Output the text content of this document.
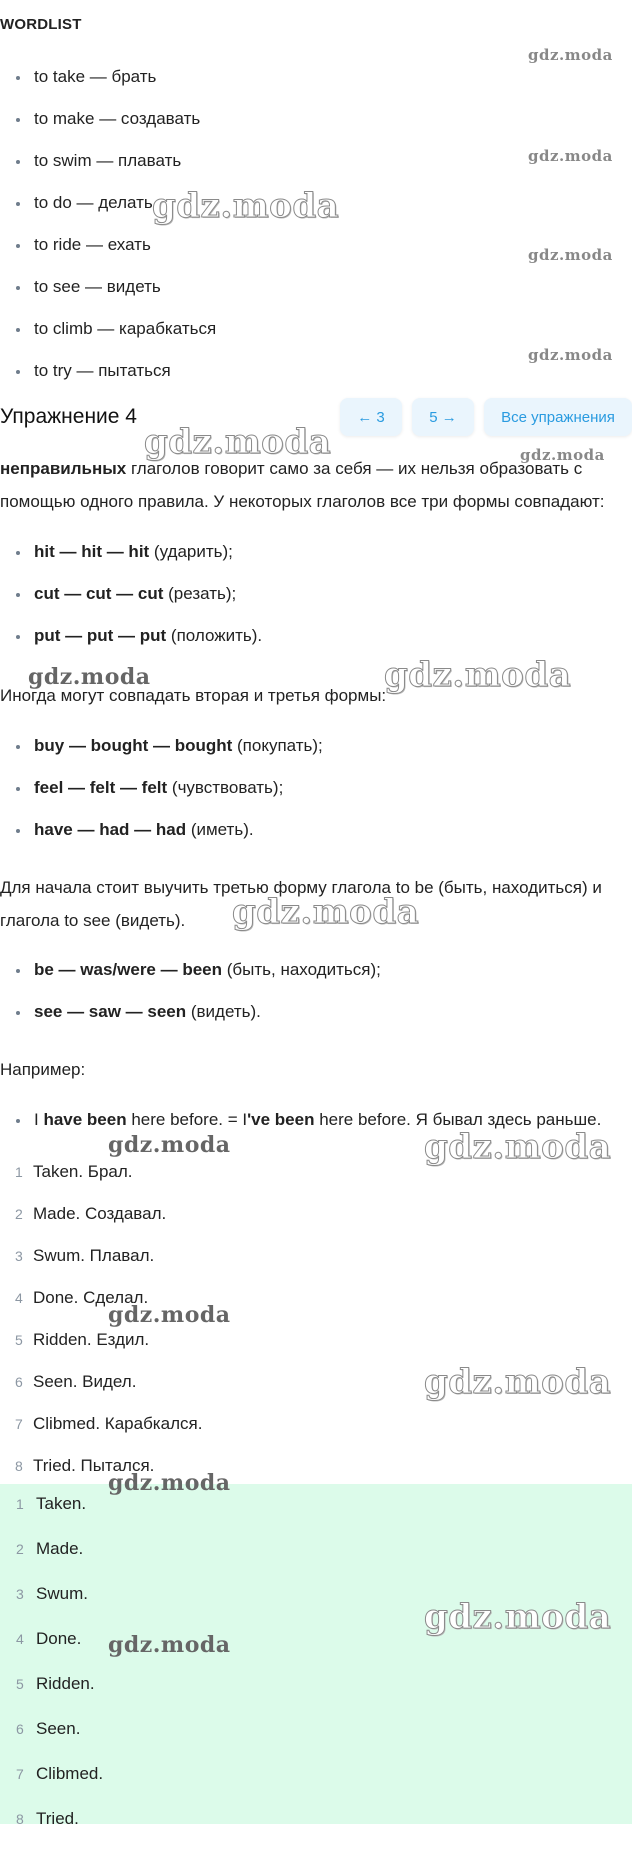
WORDLIST
to take — брать
to make — создавать
to swim — плавать
to do — делать
to ride — ехать
to see — видеть
to climb — карабкаться
to try — пытаться
Упражнение 4	← 3	5 →	Все упражнения
неправильных глаголов говорит само за себя — их нельзя образовать с
помощью одного правила. У некоторых глаголов все три формы совпадают:
hit — hit — hit (ударить);
cut — cut — cut (резать);
put — put — put (положить).
Иногда могут совпадать вторая и третья формы:
buy — bought — bought (покупать);
feel — felt — felt (чувствовать);
have — had — had (иметь).
Для начала стоит выучить третью форму глагола to be (быть, находиться) и
глагола to see (видеть).
be — was/were — been (быть, находиться);
see — saw — seen (видеть).
Например:
I have been here before. = I've been here before. Я бывал здесь раньше.
1 Taken. Брал.
2 Made. Создавал.
3 Swum. Плавал.
4 Done. Сделал.
5 Ridden. Ездил.
6 Seen. Видел.
7 Clibmed. Карабкался.
8 Tried. Пытался.
1 Taken.
2 Made.
3 Swum.
4 Done.
5 Ridden.
6 Seen.
7 Clibmed.
8 Tried.
gdz.moda
gdz.moda
gdz.moda
gdz.moda
gdz.moda
gdz.moda
gdz.moda
gdz.moda	gdz.moda
gdz.moda
gdz.moda	gdz.moda
gdz.moda
gdz.moda
gdz.moda
gdz.moda
gdz.moda
